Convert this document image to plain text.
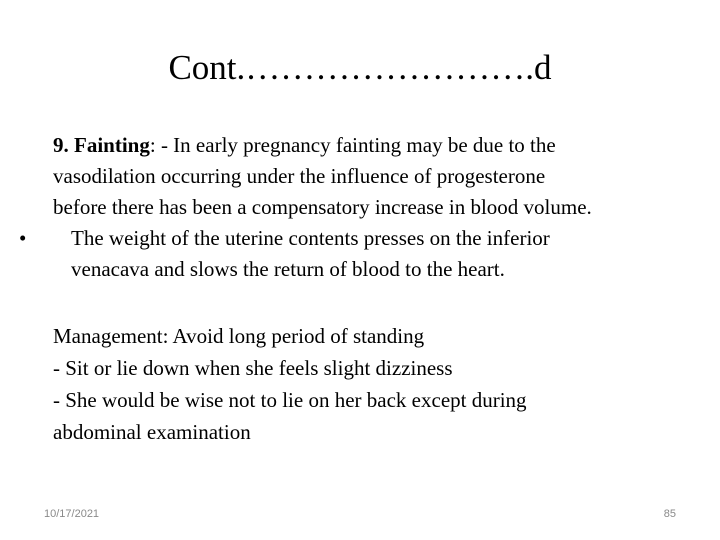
Cont.…………………….d

9. Fainting: - In early pregnancy fainting may be due to the

vasodilation occurring under the influence of progesterone

before there has been a compensatory increase in blood volume.

• The weight of the uterine contents presses on the inferior

venacava and slows the return of blood to the heart.

Management: Avoid long period of standing

- Sit or lie down when she feels slight dizziness

- She would be wise not to lie on her back except during

abdominal examination

10/17/2021	85
